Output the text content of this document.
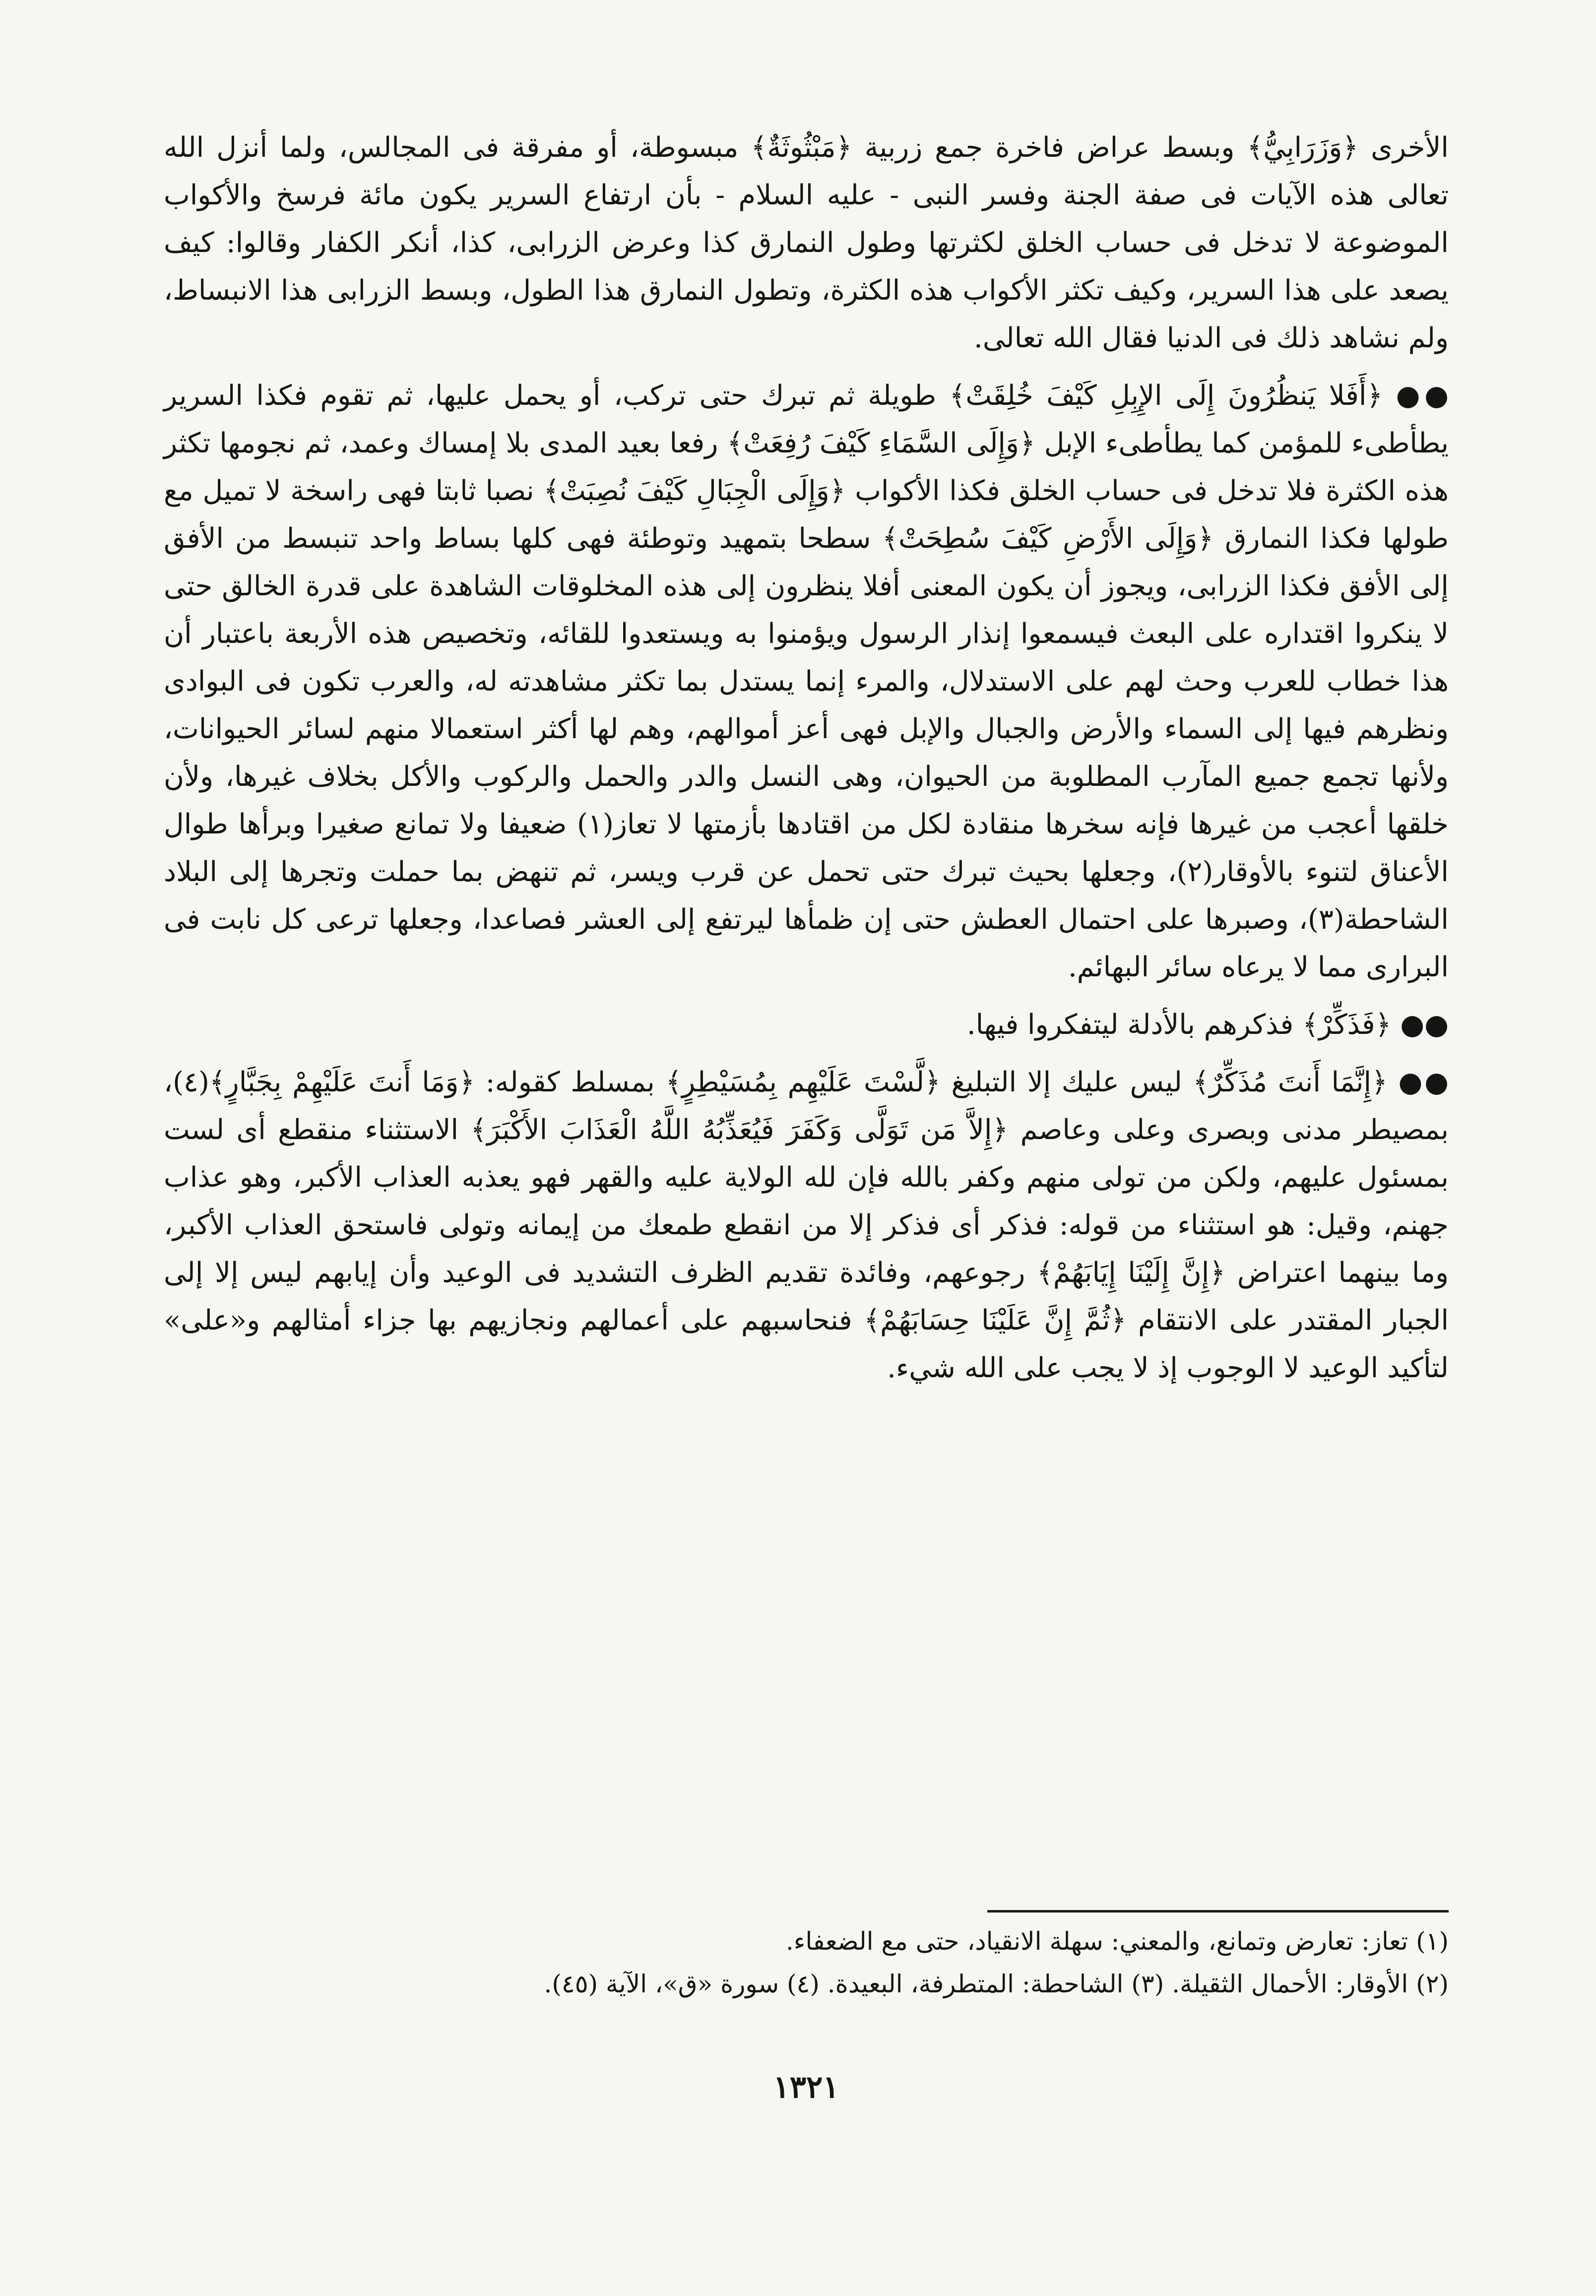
الأخرى ﴿وَزَرَابِيُّ﴾ وبسط عراض فاخرة جمع زربية ﴿مَبْثُوثَةٌ﴾ مبسوطة، أو مفرقة فى المجالس، ولما أنزل الله تعالى هذه الآيات فى صفة الجنة وفسر النبى - عليه السلام - بأن ارتفاع السرير يكون مائة فرسخ والأكواب الموضوعة لا تدخل فى حساب الخلق لكثرتها وطول النمارق كذا وعرض الزرابى، كذا، أنكر الكفار وقالوا: كيف يصعد على هذا السرير، وكيف تكثر الأكواب هذه الكثرة، وتطول النمارق هذا الطول، وبسط الزرابى هذا الانبساط، ولم نشاهد ذلك فى الدنيا فقال الله تعالى.

●● ﴿أَفَلا يَنظُرُونَ إِلَى الإِبِلِ كَيْفَ خُلِقَتْ﴾ طويلة ثم تبرك حتى تركب، أو يحمل عليها، ثم تقوم فكذا السرير يطأطىء للمؤمن كما يطأطىء الإبل ﴿وَإِلَى السَّمَاءِ كَيْفَ رُفِعَتْ﴾ رفعا بعيد المدى بلا إمساك وعمد، ثم نجومها تكثر هذه الكثرة فلا تدخل فى حساب الخلق فكذا الأكواب ﴿وَإِلَى الْجِبَالِ كَيْفَ نُصِبَتْ﴾ نصبا ثابتا فهى راسخة لا تميل مع طولها فكذا النمارق ﴿وَإِلَى الأَرْضِ كَيْفَ سُطِحَتْ﴾ سطحا بتمهيد وتوطئة فهى كلها بساط واحد تنبسط من الأفق إلى الأفق فكذا الزرابى، ويجوز أن يكون المعنى أفلا ينظرون إلى هذه المخلوقات الشاهدة على قدرة الخالق حتى لا ينكروا اقتداره على البعث فيسمعوا إنذار الرسول ويؤمنوا به ويستعدوا للقائه، وتخصيص هذه الأربعة باعتبار أن هذا خطاب للعرب وحث لهم على الاستدلال، والمرء إنما يستدل بما تكثر مشاهدته له، والعرب تكون فى البوادى ونظرهم فيها إلى السماء والأرض والجبال والإبل فهى أعز أموالهم، وهم لها أكثر استعمالا منهم لسائر الحيوانات، ولأنها تجمع جميع المآرب المطلوبة من الحيوان، وهى النسل والدر والحمل والركوب والأكل بخلاف غيرها، ولأن خلقها أعجب من غيرها فإنه سخرها منقادة لكل من اقتادها بأزمتها لا تعاز(١) ضعيفا ولا تمانع صغيرا وبرأها طوال الأعناق لتنوء بالأوقار(٢)، وجعلها بحيث تبرك حتى تحمل عن قرب ويسر، ثم تنهض بما حملت وتجرها إلى البلاد الشاحطة(٣)، وصبرها على احتمال العطش حتى إن ظمأها ليرتفع إلى العشر فصاعدا، وجعلها ترعى كل نابت فى البرارى مما لا يرعاه سائر البهائم.

●● ﴿فَذَكِّرْ﴾ فذكرهم بالأدلة ليتفكروا فيها.

●● ﴿إِنَّمَا أَنتَ مُذَكِّرٌ﴾ ليس عليك إلا التبليغ ﴿لَّسْتَ عَلَيْهِم بِمُسَيْطِرٍ﴾ بمسلط كقوله: ﴿وَمَا أَنتَ عَلَيْهِمْ بِجَبَّارٍ﴾(٤)، بمصيطر مدنى وبصرى وعلى وعاصم ﴿إِلاَّ مَن تَوَلَّى وَكَفَرَ فَيُعَذِّبُهُ اللَّهُ الْعَذَابَ الأَكْبَرَ﴾ الاستثناء منقطع أى لست بمسئول عليهم، ولكن من تولى منهم وكفر بالله فإن لله الولاية عليه والقهر فهو يعذبه العذاب الأكبر، وهو عذاب جهنم، وقيل: هو استثناء من قوله: فذكر أى فذكر إلا من انقطع طمعك من إيمانه وتولى فاستحق العذاب الأكبر، وما بينهما اعتراض ﴿إِنَّ إِلَيْنَا إِيَابَهُمْ﴾ رجوعهم، وفائدة تقديم الظرف التشديد فى الوعيد وأن إيابهم ليس إلا إلى الجبار المقتدر على الانتقام ﴿ثُمَّ إِنَّ عَلَيْنَا حِسَابَهُمْ﴾ فنحاسبهم على أعمالهم ونجازيهم بها جزاء أمثالهم و«على» لتأكيد الوعيد لا الوجوب إذ لا يجب على الله شيء.

(١) تعاز: تعارض وتمانع، والمعني: سهلة الانقياد، حتى مع الضعفاء.

(٢) الأوقار: الأحمال الثقيلة. (٣) الشاحطة: المتطرفة، البعيدة. (٤) سورة «ق»، الآية (٤٥).

١٣٢١
